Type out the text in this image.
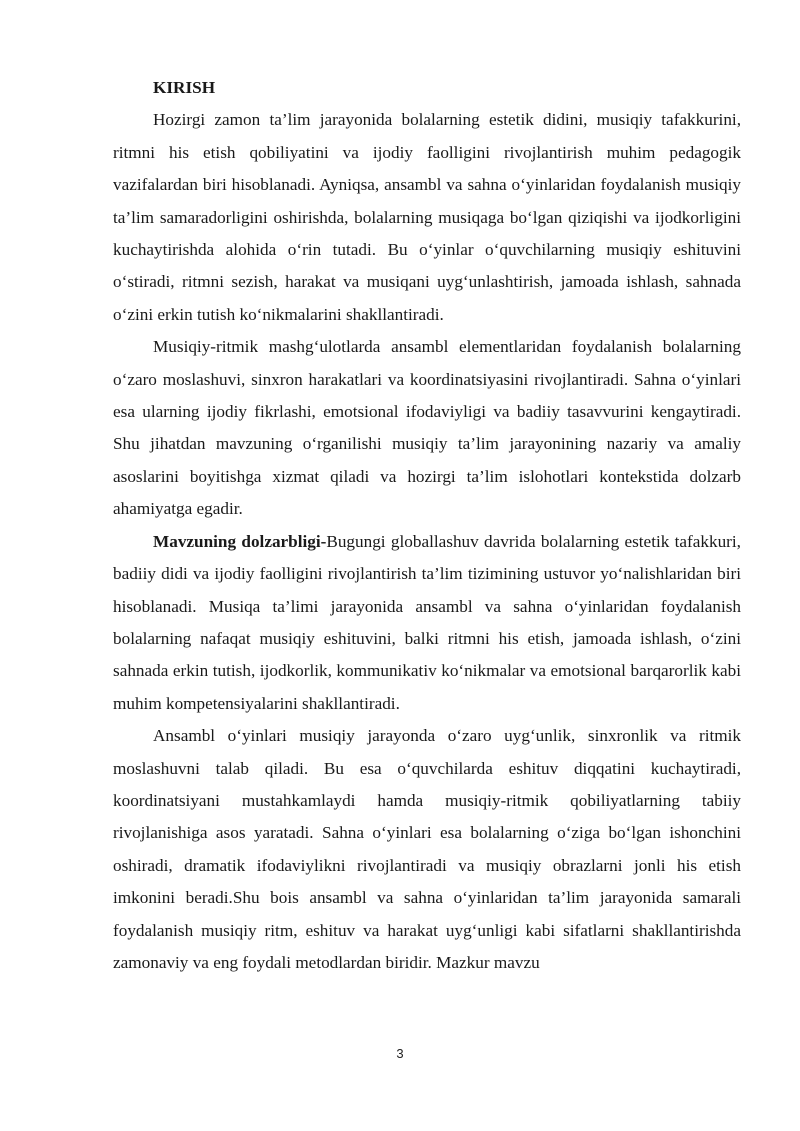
KIRISH

Hozirgi zamon ta’lim jarayonida bolalarning estetik didini, musiqiy tafakkurini, ritmni his etish qobiliyatini va ijodiy faolligini rivojlantirish muhim pedagogik vazifalardan biri hisoblanadi. Ayniqsa, ansambl va sahna o‘yinlaridan foydalanish musiqiy ta’lim samaradorligini oshirishda, bolalarning musiqaga bo‘lgan qiziqishi va ijodkorligini kuchaytirishda alohida o‘rin tutadi. Bu o‘yinlar o‘quvchilarning musiqiy eshituvini o‘stiradi, ritmni sezish, harakat va musiqani uyg‘unlashtirish, jamoada ishlash, sahnada o‘zini erkin tutish ko‘nikmalarini shakllantiradi.

Musiqiy-ritmik mashg‘ulotlarda ansambl elementlaridan foydalanish bolalarning o‘zaro moslashuvi, sinxron harakatlari va koordinatsiyasini rivojlantiradi. Sahna o‘yinlari esa ularning ijodiy fikrlashi, emotsional ifodaviyligi va badiiy tasavvurini kengaytiradi. Shu jihatdan mavzuning o‘rganilishi musiqiy ta’lim jarayonining nazariy va amaliy asoslarini boyitishga xizmat qiladi va hozirgi ta’lim islohotlari kontekstida dolzarb ahamiyatga egadir.

Mavzuning dolzarbligi-Bugungi globallashuv davrida bolalarning estetik tafakkuri, badiiy didi va ijodiy faolligini rivojlantirish ta’lim tizimining ustuvor yo‘nalishlaridan biri hisoblanadi. Musiqa ta’limi jarayonida ansambl va sahna o‘yinlaridan foydalanish bolalarning nafaqat musiqiy eshituvini, balki ritmni his etish, jamoada ishlash, o‘zini sahnada erkin tutish, ijodkorlik, kommunikativ ko‘nikmalar va emotsional barqarorlik kabi muhim kompetensiyalarini shakllantiradi.

Ansambl o‘yinlari musiqiy jarayonda o‘zaro uyg‘unlik, sinxronlik va ritmik moslashuvni talab qiladi. Bu esa o‘quvchilarda eshituv diqqatini kuchaytiradi, koordinatsiyani mustahkamlaydi hamda musiqiy-ritmik qobiliyatlarning tabiiy rivojlanishiga asos yaratadi. Sahna o‘yinlari esa bolalarning o‘ziga bo‘lgan ishonchini oshiradi, dramatik ifodaviylikni rivojlantiradi va musiqiy obrazlarni jonli his etish imkonini beradi.Shu bois ansambl va sahna o‘yinlaridan ta’lim jarayonida samarali foydalanish musiqiy ritm, eshituv va harakat uyg‘unligi kabi sifatlarni shakllantirishda zamonaviy va eng foydali metodlardan biridir. Mazkur mavzu

3
